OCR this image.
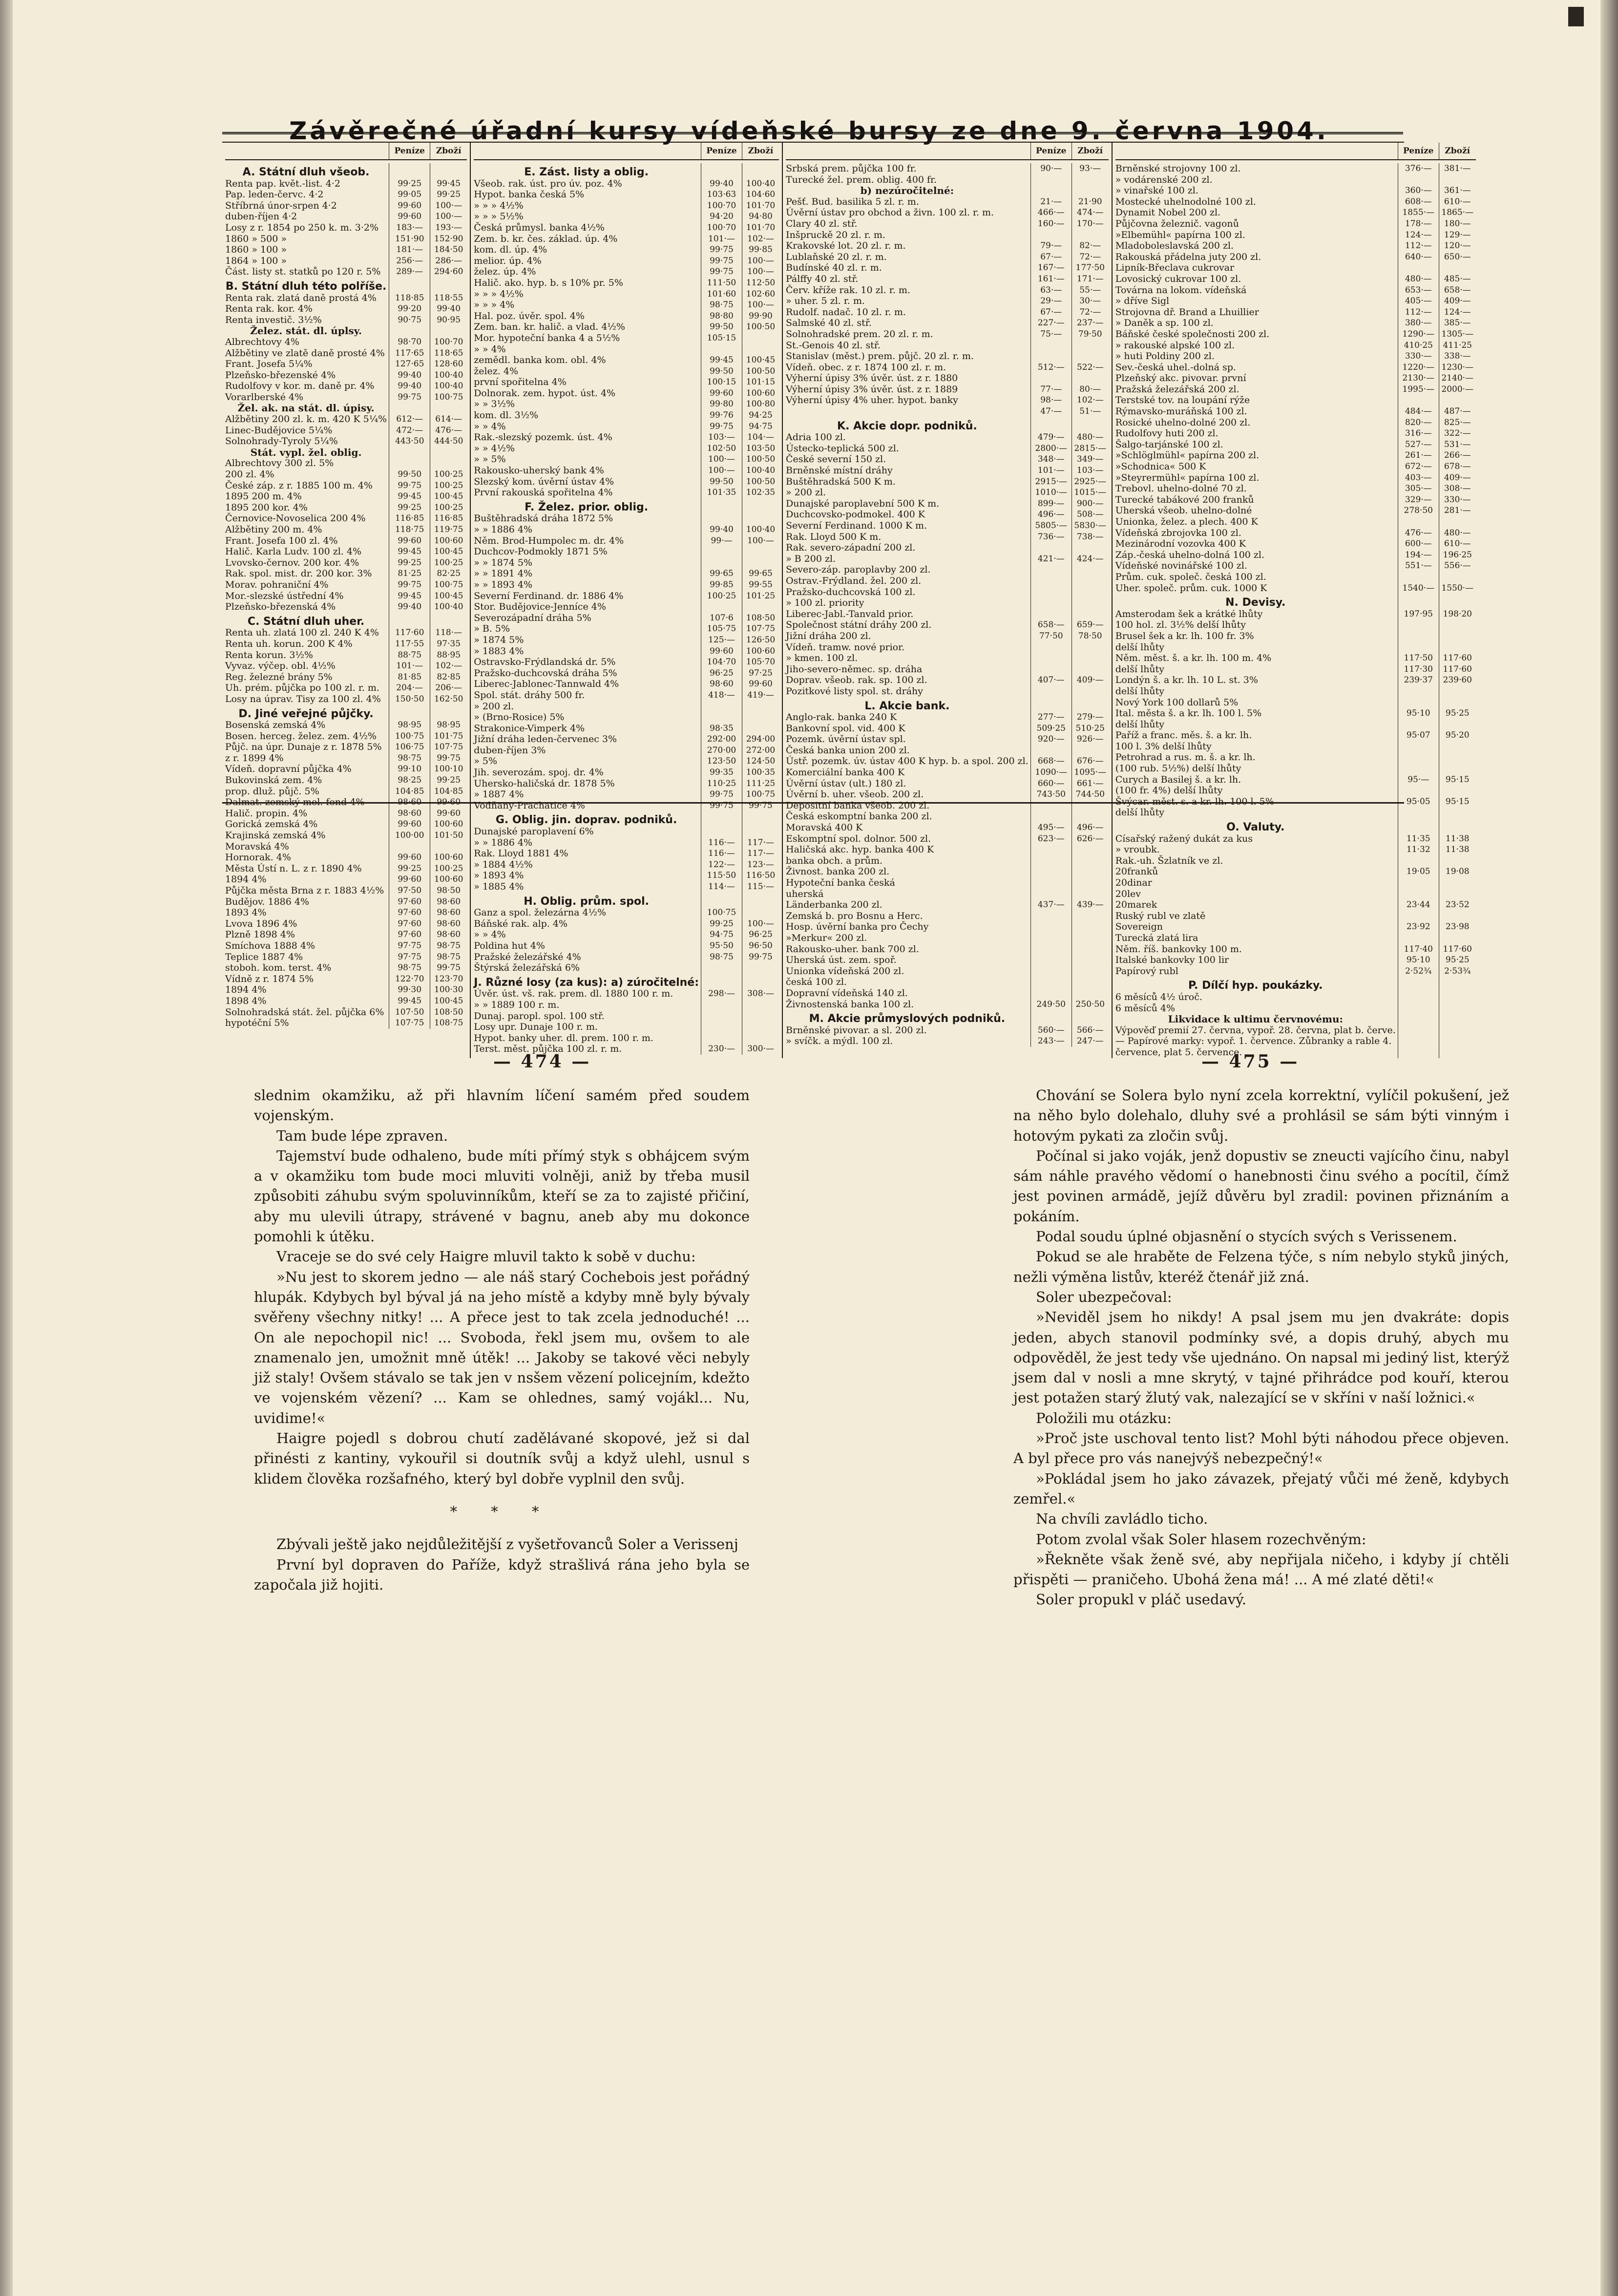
Závěrečné úřadní kursy vídeňské bursy ze dne 9. června 1904.
Peníze	Zboží
A. Státní dluh všeob.
Renta pap. květ.-list. 4·2	99·25	99·45
Pap. leden-červc. 4·2	99·05	99·25
Stříbrná únor-srpen 4·2	99·60	100·—
duben-říjen 4·2	99·60	100·—
Losy z r. 1854 po 250 k. m. 3·2%	183·—	193·—
1860 » 500 »	151·90	152·90
1860 » 100 »	181·—	184·50
1864 » 100 »	256·—	286·—
Část. listy st. statků po 120 r. 5%	289·—	294·60
B. Státní dluh této polříše.
Renta rak. zlatá daně prostá 4%	118·85	118·55
Renta rak. kor. 4%	99·20	99·40
Renta investič. 3½%	90·75	90·95
Želez. stát. dl. úplsy.
Albrechtovy 4%	98·70	100·70
Alžbětiny ve zlatě daně prosté 4%	117·65	118·65
Frant. Josefa 5¼%	127·65	128·60
Plzeňsko-březenské 4%	99·40	100·40
Rudolfovy v kor. m. daně pr. 4%	99·40	100·40
Vorarlberské 4%	99·75	100·75
Žel. ak. na stát. dl. úpisy.
Alžbětiny 200 zl. k. m. 420 K 5¼%	612·—	614·—
Linec-Budějovice 5¼%	472·—	476·—
Solnohrady-Tyroly 5¼%	443·50	444·50
Stát. vypl. žel. oblig.
Albrechtovy 300 zl. 5%
200 zl. 4%	99·50	100·25
České záp. z r. 1885 100 m. 4%	99·75	100·25
1895 200 m. 4%	99·45	100·45
1895 200 kor. 4%	99·25	100·25
Černovice-Novoselica 200 4%	116·85	116·85
Alžbětiny 200 m. 4%	118·75	119·75
Frant. Josefa 100 zl. 4%	99·60	100·60
Halič. Karla Ludv. 100 zl. 4%	99·45	100·45
Lvovsko-černov. 200 kor. 4%	99·25	100·25
Rak. spol. mist. dr. 200 kor. 3%	81·25	82·25
Morav. pohraniční 4%	99·75	100·75
Mor.-slezské ústřední 4%	99·45	100·45
Plzeňsko-březenská 4%	99·40	100·40
C. Státní dluh uher.
Renta uh. zlatá 100 zl. 240 K 4%	117·60	118·—
Renta uh. korun. 200 K 4%	117·55	97·35
Renta korun. 3½%	88·75	88·95
Vyvaz. výčep. obl. 4½%	101·—	102·—
Reg. železné brány 5%	81·85	82·85
Uh. prém. půjčka po 100 zl. r. m.	204·—	206·—
Losy na úprav. Tisy za 100 zl. 4%	150·50	162·50
D. Jiné veřejné půjčky.
Bosenská zemská 4%	98·95	98·95
Bosen. herceg. želez. zem. 4½%	100·75	101·75
Půjč. na úpr. Dunaje z r. 1878 5%	106·75	107·75
z r. 1899 4%	98·75	99·75
Vídeň. dopravní půjčka 4%	99·10	100·10
Bukovinská zem. 4%	98·25	99·25
prop. dluž. půjč. 5%	104·85	104·85
Dalmat. zemský mel. fond 4%	98·60	99·60
Halič. propin. 4%	98·60	99·60
Gorická zemská 4%	99·60	100·60
Krajinská zemská 4%	100·00	101·50
Moravská 4%
Hornorak. 4%	99·60	100·60
Města Ústí n. L. z r. 1890 4%	99·25	100·25
1894 4%	99·60	100·60
Půjčka města Brna z r. 1883 4½%	97·50	98·50
Budějov. 1886 4%	97·60	98·60
1893 4%	97·60	98·60
Lvova 1896 4%	97·60	98·60
Plzně 1898 4%	97·60	98·60
Smíchova 1888 4%	97·75	98·75
Teplice 1887 4%	97·75	98·75
stoboh. kom. terst. 4%	98·75	99·75
Vídně z r. 1874 5%	122·70	123·70
1894 4%	99·30	100·30
1898 4%	99·45	100·45
Solnohradská stát. žel. půjčka 6%	107·50	108·50
hypotéční 5%	107·75	108·75
Peníze	Zboží
E. Zást. listy a oblig.
Všeob. rak. úst. pro úv. poz. 4%	99·40	100·40
Hypot. banka česká 5%	103·63	104·60
» » » 4½%	100·70	101·70
» » » 5½%	94·20	94·80
Česká průmysl. banka 4½%	100·70	101·70
Zem. b. kr. čes. základ. úp. 4%	101·—	102·—
kom. dl. úp. 4%	99·75	99·85
melior. úp. 4%	99·75	100·—
želez. úp. 4%	99·75	100·—
Halič. ako. hyp. b. s 10% pr. 5%	111·50	112·50
» » » 4½%	101·60	102·60
» » » 4%	98·75	100·—
Hal. poz. úvěr. spol. 4%	98·80	99·90
Zem. ban. kr. halič. a vlad. 4½%	99·50	100·50
Mor. hypoteční banka 4 a 5½%	105·15
» » 4%
zemědl. banka kom. obl. 4%	99·45	100·45
želez. 4%	99·50	100·50
první spořitelna 4%	100·15	101·15
Dolnorak. zem. hypot. úst. 4%	99·60	100·60
» » 3½%	99·80	100·80
kom. dl. 3½%	99·76	94·25
» » 4%	99·75	94·75
Rak.-slezský pozemk. úst. 4%	103·—	104·—
» » 4½%	102·50	103·50
» » 5%	100·—	100·50
Rakousko-uherský bank 4%	100·—	100·40
Slezský kom. úvěrní ústav 4%	99·50	100·50
První rakouská spořitelna 4%	101·35	102·35
F. Želez. prior. oblig.
Buštěhradská dráha 1872 5%
» » 1886 4%	99·40	100·40
Něm. Brod-Humpolec m. dr. 4%	99·—	100·—
Duchcov-Podmokly 1871 5%
» » 1874 5%
» » 1891 4%	99·65	99·65
» » 1893 4%	99·85	99·55
Severní Ferdinand. dr. 1886 4%	100·25	101·25
Stor. Budějovice-Jenníce 4%
Severozápadní dráha 5%	107·6	108·50
» B. 5%	105·75	107·75
» 1874 5%	125·—	126·50
» 1883 4%	99·60	100·60
Ostravsko-Frýdlandská dr. 5%	104·70	105·70
Pražsko-duchcovská dráha 5%	96·25	97·25
Liberec-Jablonec-Tannwald 4%	98·60	99·60
Spol. stát. dráhy 500 fr.	418·—	419·—
» 200 zl.
» (Brno-Rosice) 5%
Strakonice-Vimperk 4%	98·35
Jižní dráha leden-červenec 3%	292·00	294·00
duben-říjen 3%	270·00	272·00
» 5%	123·50	124·50
Jih. severozám. spoj. dr. 4%	99·35	100·35
Uhersko-haličská dr. 1878 5%	110·25	111·25
» 1887 4%	99·75	100·75
Vodňany-Prachatice 4%	99·75	99·75
G. Oblig. jin. doprav. podniků.
Dunajské paroplavení 6%
» » 1886 4%	116·—	117·—
Rak. Lloyd 1881 4%	116·—	117·—
» 1884 4½%	122·—	123·—
» 1893 4%	115·50	116·50
» 1885 4%	114·—	115·—
H. Oblig. prům. spol.
Ganz a spol. železárna 4½%	100·75
Báňské rak. alp. 4%	99·25	100·—
» » 4%	94·75	96·25
Poldina hut 4%	95·50	96·50
Pražské železářské 4%	98·75	99·75
Štýrská železářská 6%
J. Různé losy (za kus): a) zúročitelné:
Úvěr. úst. vš. rak. prem. dl. 1880 100 r. m.	298·—	308·—
» » 1889 100 r. m.
Dunaj. paropl. spol. 100 stř.
Losy upr. Dunaje 100 r. m.
Hypot. banky uher. dl. prem. 100 r. m.
Terst. měst. půjčka 100 zl. r. m.	230·—	300·—
Peníze	Zboží
Srbská prem. půjčka 100 fr.	90·—	93·—
Turecké žel. prem. oblig. 400 fr.
b) nezúročitelné:
Pešť. Bud. basilika 5 zl. r. m.	21·—	21·90
Úvěrní ústav pro obchod a živn. 100 zl. r. m.	466·—	474·—
Clary 40 zl. stř.	160·—	170·—
Inšpruckě 20 zl. r. m.
Krakovské lot. 20 zl. r. m.	79·—	82·—
Lublaňské 20 zl. r. m.	67·—	72·—
Budínské 40 zl. r. m.	167·—	177·50
Pálffy 40 zl. stř.	161·—	171·—
Červ. kříže rak. 10 zl. r. m.	63·—	55·—
» uher. 5 zl. r. m.	29·—	30·—
Rudolf. nadač. 10 zl. r. m.	67·—	72·—
Salmské 40 zl. stř.	227·—	237·—
Solnohradské prem. 20 zl. r. m.	75·—	79·50
St.-Genois 40 zl. stř.
Stanislav (měst.) prem. půjč. 20 zl. r. m.
Vídeň. obec. z r. 1874 100 zl. r. m.	512·—	522·—
Výherní úpisy 3% úvěr. úst. z r. 1880
Výherní úpisy 3% úvěr. úst. z r. 1889	77·—	80·—
Výherní úpisy 4% uher. hypot. banky	98·—	102·—
47·—	51·—
K. Akcie dopr. podniků.
Adria 100 zl.	479·—	480·—
Ústecko-teplická 500 zl.	2800·— 2815·—
České severní 150 zl.	348·—	349·—
Brněnské místní dráhy	101·—	103·—
Buštěhradská 500 K m.	2915·— 2925·—
» 200 zl.	1010·— 1015·—
Dunajské paroplavební 500 K m.	899·—	900·—
Duchcovsko-podmokel. 400 K	496·—	508·—
Severní Ferdinand. 1000 K m.	5805·— 5830·—
Rak. Lloyd 500 K m.	736·—	738·—
Rak. severo-západní 200 zl.
» B 200 zl.	421·—	424·—
Severo-záp. paroplavby 200 zl.
Ostrav.-Frýdland. žel. 200 zl.
Pražsko-duchcovská 100 zl.
» 100 zl. priority
Liberec-Jabl.-Tanvald prior.
Společnost státní dráhy 200 zl.	658·—	659·—
Jižní dráha 200 zl.	77·50	78·50
Vídeň. tramw. nové prior.
» kmen. 100 zl.
Jiho-severo-němec. sp. dráha
Doprav. všeob. rak. sp. 100 zl.	407·—	409·—
Pozitkové listy spol. st. dráhy
L. Akcie bank.
Anglo-rak. banka 240 K	277·—	279·—
Bankovní spol. vid. 400 K	509·25	510·25
Pozemk. úvěrní ústav spl.	920·—	926·—
Česká banka union 200 zl.
Ústř. pozemk. úv. ústav 400 K hyp. b. a spol. 200 zl.	668·—	676·—
Komerciální banka 400 K	1090·— 1095·—
Úvěrní ústav (ult.) 180 zl.	660·—	661·—
Úvěrní b. uher. všeob. 200 zl.	743·50	744·50
Depositní banka všeob. 200 zl.
Česká eskomptní banka 200 zl.
Moravská 400 K	495·—	496·—
Eskomptní spol. dolnor. 500 zl.	623·—	626·—
Haličská akc. hyp. banka 400 K
banka obch. a prům.
Živnost. banka 200 zl.
Hypoteční banka česká
uherská
Länderbanka 200 zl.	437·—	439·—
Zemská b. pro Bosnu a Herc.
Hosp. úvěrní banka pro Čechy
»Merkur« 200 zl.
Rakousko-uher. bank 700 zl.
Uherská úst. zem. spoř.
Unionka vídeňská 200 zl.
česká 100 zl.
Dopravní vídeňská 140 zl.
Živnostenská banka 100 zl.	249·50	250·50
M. Akcie průmyslových podniků.
Brněnské pivovar. a sl. 200 zl.	560·—	566·—
» svíčk. a mýdl. 100 zl.	243·—	247·—
Peníze	Zboží
Brněnské strojovny 100 zl.	376·—	381·—
» vodárenské 200 zl.
» vinařské 100 zl.	360·—	361·—
Mostecké uhelnodolné 100 zl.	608·—	610·—
Dynamit Nobel 200 zl.	1855·— 1865·—
Půjčovna železnič. vagonů	178·—	180·—
»Elbemühl« papírna 100 zl.	124·—	129·—
Mladoboleslavská 200 zl.	112·—	120·—
Rakouská přádelna juty 200 zl.	640·—	650·—
Lipník-Břeclava cukrovar
Lovosický cukrovar 100 zl.	480·—	485·—
Továrna na lokom. vídeňská	653·—	658·—
» dříve Sigl	405·—	409·—
Strojovna dř. Brand a Lhuillier	112·—	124·—
» Daněk a sp. 100 zl.	380·—	385·—
Báňské české společnosti 200 zl.	1290·— 1305·—
» rakouské alpské 100 zl.	410·25	411·25
» huti Poldiny 200 zl.	330·—	338·—
Sev.-česká uhel.-dolná sp.	1220·— 1230·—
Plzeňský akc. pivovar. první	2130·— 2140·—
Pražská železářská 200 zl.	1995·— 2000·—
Terstské tov. na loupání rýže
Rýmavsko-muráňská 100 zl.	484·—	487·—
Rosické uhelno-dolné 200 zl.	820·—	825·—
Rudolfovy huti 200 zl.	316·—	322·—
Šalgo-tarjánské 100 zl.	527·—	531·—
»Schlöglmühl« papírna 200 zl.	261·—	266·—
»Schodnica« 500 K	672·—	678·—
»Steyrermühl« papírna 100 zl.	403·—	409·—
Trebovl. uhelno-dolné 70 zl.	305·—	308·—
Turecké tabákové 200 franků	329·—	330·—
Uherská všeob. uhelno-dolné	278·50	281·—
Unionka, želez. a plech. 400 K
Vídeňská zbrojovka 100 zl.	476·—	480·—
Mezinárodní vozovka 400 K	600·—	610·—
Záp.-česká uhelno-dolná 100 zl.	194·—	196·25
Vídeňské novinářské 100 zl.	551·—	556·—
Prům. cuk. společ. česká 100 zl.
Uher. společ. prům. cuk. 1000 K	1540·— 1550·—
N. Devisy.
Amsterodam šek a krátké lhůty	197·95	198·20
100 hol. zl. 3½% delší lhůty
Brusel šek a kr. lh. 100 fr. 3%
delší lhůty
Něm. měst. š. a kr. lh. 100 m. 4%	117·50	117·60
delší lhůty	117·30	117·60
Londýn š. a kr. lh. 10 L. st. 3%	239·37	239·60
delší lhůty
Nový York 100 dollarů 5%
Ital. města š. a kr. lh. 100 l. 5%	95·10	95·25
delší lhůty
Paříž a franc. měs. š. a kr. lh.	95·07	95·20
100 l. 3% delší lhůty
Petrohrad a rus. m. š. a kr. lh.
(100 rub. 5½%) delší lhůty
Curych a Basilej š. a kr. lh.	95·—	95·15
(100 fr. 4%) delší lhůty
Švýcar. měst. s. a kr. lh. 100 l. 5%	95·05	95·15
delší lhůty
O. Valuty.
Císařský ražený dukát za kus	11·35	11·38
» vroubk.	11·32	11·38
Rak.-uh. Šzlatník ve zl.
20franků	19·05	19·08
20dinar
20lev
20marek	23·44	23·52
Ruský rubl ve zlatě
Sovereign	23·92	23·98
Turecká zlatá lira
Něm. říš. bankovky 100 m.	117·40	117·60
Italské bankovky 100 lir	95·10	95·25
Papírový rubl	2·52¾	2·53¾
P. Dílčí hyp. poukázky.
6 měsíců 4½ úroč.
6 měsíců 4%
Likvidace k ultimu červnovému:
Výpověď premií 27. června, vypoř. 28. června, plat b. červe.
— Papírové marky: vypoř. 1. července. Zůbranky a rable 4.
července, plat 5. července.
— 474 —	— 475 —

slednim okamžiku, až při hlavním líčení samém před soudem vojenským.

Tam bude lépe zpraven.

Tajemství bude odhaleno, bude míti přímý styk s obhájcem svým a v okamžiku tom bude moci mluviti volněji, aniž by třeba musil způsobiti záhubu svým spoluvinníkům, kteří se za to zajisté přičiní, aby mu ulevili útrapy, strávené v bagnu, aneb aby mu dokonce pomohli k útěku.

Vraceje se do své cely Haigre mluvil takto k sobě v duchu:

»Nu jest to skorem jedno — ale náš starý Cochebois jest pořádný hlupák. Kdybych byl býval já na jeho místě a kdyby mně byly bývaly svěřeny všechny nitky! ... A přece jest to tak zcela jednoduché! ... On ale nepochopil nic! ... Svoboda, řekl jsem mu, ovšem to ale znamenalo jen, umožnit mně útěk! ... Jakoby se takové věci nebyly již staly! Ovšem stávalo se tak jen v nsšem vězení policejním, kdežto ve vojenském vězení? ... Kam se ohlednes, samý vojákl... Nu, uvidime!«

Haigre pojedl s dobrou chutí zadělávané skopové, jež si dal přinésti z kantiny, vykouřil si doutník svůj a když ulehl, usnul s klidem člověka rozšafného, který byl dobře vyplnil den svůj.

* * *

Zbývali ještě jako nejdůležitější z vyšetřovanců Soler a Verissenj

První byl dopraven do Paříže, když strašlivá rána jeho byla se započala již hojiti.

Chování se Solera bylo nyní zcela korrektní, vylíčil pokušení, jež na něho bylo dolehalo, dluhy své a prohlásil se sám býti vinným i hotovým pykati za zločin svůj.

Počínal si jako voják, jenž dopustiv se zneucti vajícího činu, nabyl sám náhle pravého vědomí o hanebnosti činu svého a pocítil, čímž jest povinen armádě, jejíž důvěru byl zradil: povinen přiznáním a pokáním.

Podal soudu úplné objasnění o stycích svých s Verissenem.

Pokud se ale hraběte de Felzena týče, s ním nebylo styků jiných, nežli výměna listův, kteréž čtenář již zná.

Soler ubezpečoval:

»Neviděl jsem ho nikdy! A psal jsem mu jen dvakráte: dopis jeden, abych stanovil podmínky své, a dopis druhý, abych mu odpověděl, že jest tedy vše ujednáno. On napsal mi jediný list, kterýž jsem dal v nosli a mne skrytý, v tajné přihrádce pod kouří, kterou jest potažen starý žlutý vak, nalezající se v skříni v naší ložnici.«

Položili mu otázku:

»Proč jste uschoval tento list? Mohl býti náhodou přece objeven. A byl přece pro vás nanejvýš nebezpečný!«

»Pokládal jsem ho jako závazek, přejatý vůči mé ženě, kdybych zemřel.«

Na chvíli zavládlo ticho.

Potom zvolal však Soler hlasem rozechvěným:

»Řekněte však ženě své, aby nepřijala ničeho, i kdyby jí chtěli přispěti — praničeho. Ubohá žena má! ... A mé zlaté děti!«

Soler propukl v pláč usedavý.
